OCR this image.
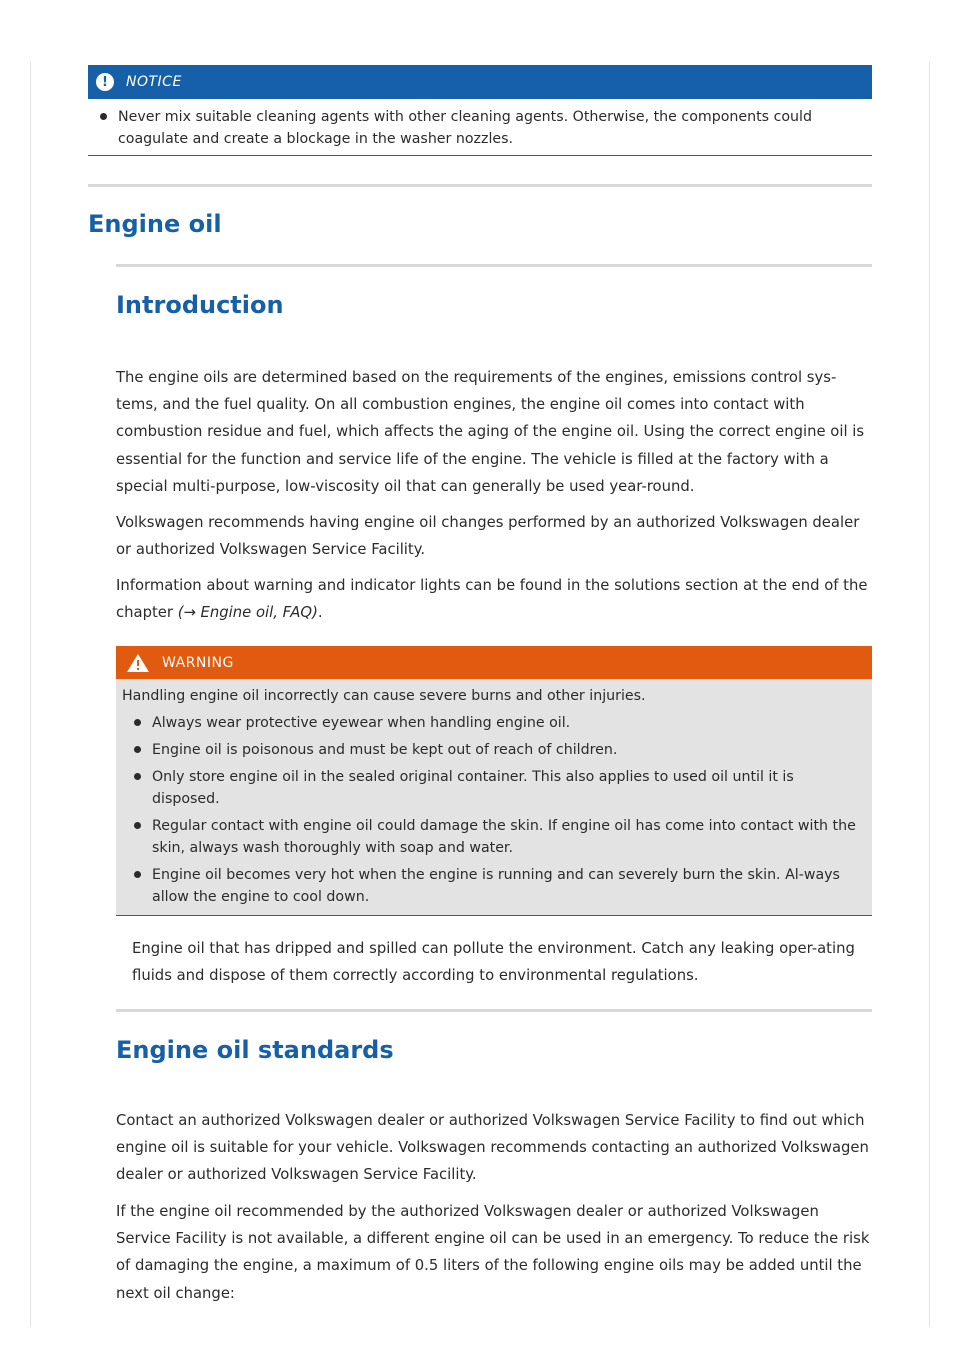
!	NOTICE
Never mix suitable cleaning agents with other cleaning agents. Otherwise, the components could coagulate and create a blockage in the washer nozzles.
Engine oil
Introduction

The engine oils are determined based on the requirements of the engines, emissions control sys-tems, and the fuel quality. On all combustion engines, the engine oil comes into contact with combustion residue and fuel, which affects the aging of the engine oil. Using the correct engine oil is essential for the function and service life of the engine. The vehicle is filled at the factory with a special multi-purpose, low-viscosity oil that can generally be used year-round.

Volkswagen recommends having engine oil changes performed by an authorized Volkswagen dealer or authorized Volkswagen Service Facility.

Information about warning and indicator lights can be found in the solutions section at the end of the chapter (→ Engine oil, FAQ).

WARNING
Handling engine oil incorrectly can cause severe burns and other injuries.
Always wear protective eyewear when handling engine oil.
Engine oil is poisonous and must be kept out of reach of children.
Only store engine oil in the sealed original container. This also applies to used oil until it is disposed.
Regular contact with engine oil could damage the skin. If engine oil has come into contact with the skin, always wash thoroughly with soap and water.
Engine oil becomes very hot when the engine is running and can severely burn the skin. Al-ways allow the engine to cool down.

Engine oil that has dripped and spilled can pollute the environment. Catch any leaking oper-ating fluids and dispose of them correctly according to environmental regulations.

Engine oil standards

Contact an authorized Volkswagen dealer or authorized Volkswagen Service Facility to find out which engine oil is suitable for your vehicle. Volkswagen recommends contacting an authorized Volkswagen dealer or authorized Volkswagen Service Facility.

If the engine oil recommended by the authorized Volkswagen dealer or authorized Volkswagen Service Facility is not available, a different engine oil can be used in an emergency. To reduce the risk of damaging the engine, a maximum of 0.5 liters of the following engine oils may be added until the next oil change:
